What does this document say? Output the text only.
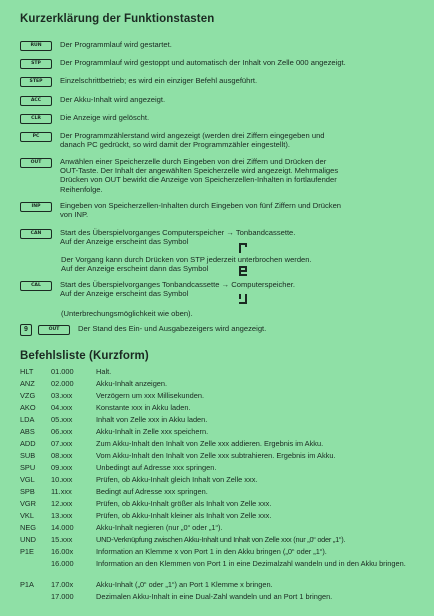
Kurzerklärung der Funktionstasten
RUN	Der Programmlauf wird gestartet.
STP	Der Programmlauf wird gestoppt und automatisch der Inhalt von Zelle 000 angezeigt.
STEP	Einzelschrittbetrieb; es wird ein einziger Befehl ausgeführt.
ACC	Der Akku-Inhalt wird angezeigt.
CLR	Die Anzeige wird gelöscht.
PC	Der Programmzählerstand wird angezeigt (werden drei Ziffern eingegeben und
danach PC gedrückt, so wird damit der Programmzähler eingestellt).
OUT	Anwählen einer Speicherzelle durch Eingeben von drei Ziffern und Drücken der
OUT-Taste. Der Inhalt der angewählten Speicherzelle wird angezeigt. Mehrmaliges
Drücken von OUT bewirkt die Anzeige von Speicherzellen-Inhalten in fortlaufender
Reihenfolge.
INP	Eingeben von Speicherzellen-Inhalten durch Eingeben von fünf Ziffern und Drücken
von INP.
CAN	Start des Überspielvorganges Computerspeicher → Tonbandcassette.
Auf der Anzeige erscheint das Symbol
Der Vorgang kann durch Drücken von STP jederzeit unterbrochen werden.
Auf der Anzeige erscheint dann das Symbol
CAL	Start des Überspielvorganges Tonbandcassette → Computerspeicher.
Auf der Anzeige erscheint das Symbol
(Unterbrechungsmöglichkeit wie oben).
9	OUT	Der Stand des Ein- und Ausgabezeigers wird angezeigt.
Befehlsliste (Kurzform)
HLT 01.000	Halt.
ANZ 02.000	Akku-Inhalt anzeigen.
VZG 03.xxx	Verzögern um xxx Millisekunden.
AKO 04.xxx	Konstante xxx in Akku laden.
LDA 05.xxx	Inhalt von Zelle xxx in Akku laden.
ABS 06.xxx	Akku-Inhalt in Zelle xxx speichern.
ADD 07.xxx	Zum Akku-Inhalt den Inhalt von Zelle xxx addieren. Ergebnis im Akku.
SUB 08.xxx	Vom Akku-Inhalt den Inhalt von Zelle xxx subtrahieren. Ergebnis im Akku.
SPU 09.xxx	Unbedingt auf Adresse xxx springen.
VGL 10.xxx	Prüfen, ob Akku-Inhalt gleich Inhalt von Zelle xxx.
SPB 11.xxx	Bedingt auf Adresse xxx springen.
VGR 12.xxx	Prüfen, ob Akku-Inhalt größer als Inhalt von Zelle xxx.
VKL 13.xxx	Prüfen, ob Akku-Inhalt kleiner als Inhalt von Zelle xxx.
NEG 14.000	Akku-Inhalt negieren (nur „0“ oder „1“).
UND 15.xxx	UND-Verknüpfung zwischen Akku-Inhalt und Inhalt von Zelle xxx (nur „0“ oder „1“).
P1E 16.00x	Information an Klemme x von Port 1 in den Akku bringen („0“ oder „1“).
16.000	Information an den Klemmen von Port 1 in eine Dezimalzahl wandeln und in den Akku bringen.
P1A 17.00x	Akku-Inhalt („0“ oder „1“) an Port 1 Klemme x bringen.
17.000	Dezimalen Akku-Inhalt in eine Dual-Zahl wandeln und an Port 1 bringen.
